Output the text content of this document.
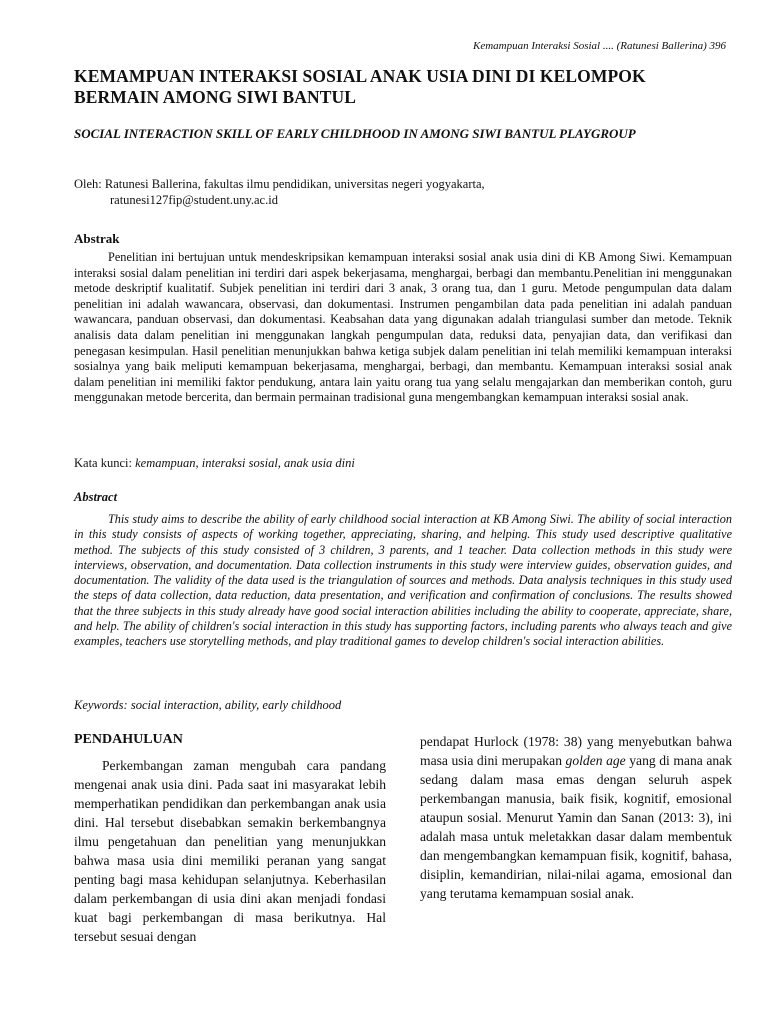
Kemampuan Interaksi Sosial .... (Ratunesi Ballerina) 396
KEMAMPUAN INTERAKSI SOSIAL ANAK USIA DINI DI KELOMPOK BERMAIN AMONG SIWI BANTUL
SOCIAL INTERACTION SKILL OF EARLY CHILDHOOD IN AMONG SIWI BANTUL PLAYGROUP
Oleh: Ratunesi Ballerina, fakultas ilmu pendidikan, universitas negeri yogyakarta,
ratunesi127fip@student.uny.ac.id
Abstrak

Penelitian ini bertujuan untuk mendeskripsikan kemampuan interaksi sosial anak usia dini di KB Among Siwi. Kemampuan interaksi sosial dalam penelitian ini terdiri dari aspek bekerjasama, menghargai, berbagi dan membantu.Penelitian ini menggunakan metode deskriptif kualitatif. Subjek penelitian ini terdiri dari 3 anak, 3 orang tua, dan 1 guru. Metode pengumpulan data dalam penelitian ini adalah wawancara, observasi, dan dokumentasi. Instrumen pengambilan data pada penelitian ini adalah panduan wawancara, panduan observasi, dan dokumentasi. Keabsahan data yang digunakan adalah triangulasi sumber dan metode. Teknik analisis data dalam penelitian ini menggunakan langkah pengumpulan data, reduksi data, penyajian data, dan verifikasi dan penegasan kesimpulan. Hasil penelitian menunjukkan bahwa ketiga subjek dalam penelitian ini telah memiliki kemampuan interaksi sosialnya yang baik meliputi kemampuan bekerjasama, menghargai, berbagi, dan membantu. Kemampuan interaksi sosial anak dalam penelitian ini memiliki faktor pendukung, antara lain yaitu orang tua yang selalu mengajarkan dan memberikan contoh, guru menggunakan metode bercerita, dan bermain permainan tradisional guna mengembangkan kemampuan interaksi sosial anak.

Kata kunci: kemampuan, interaksi sosial, anak usia dini
Abstract

This study aims to describe the ability of early childhood social interaction at KB Among Siwi. The ability of social interaction in this study consists of aspects of working together, appreciating, sharing, and helping. This study used descriptive qualitative method. The subjects of this study consisted of 3 children, 3 parents, and 1 teacher. Data collection methods in this study were interviews, observation, and documentation. Data collection instruments in this study were interview guides, observation guides, and documentation. The validity of the data used is the triangulation of sources and methods. Data analysis techniques in this study used the steps of data collection, data reduction, data presentation, and verification and confirmation of conclusions. The results showed that the three subjects in this study already have good social interaction abilities including the ability to cooperate, appreciate, share, and help. The ability of children's social interaction in this study has supporting factors, including parents who always teach and give examples, teachers use storytelling methods, and play traditional games to develop children's social interaction abilities.

Keywords: social interaction, ability, early childhood
PENDAHULUAN

Perkembangan zaman mengubah cara pandang mengenai anak usia dini. Pada saat ini masyarakat lebih memperhatikan pendidikan dan perkembangan anak usia dini. Hal tersebut disebabkan semakin berkembangnya ilmu pengetahuan dan penelitian yang menunjukkan bahwa masa usia dini memiliki peranan yang sangat penting bagi masa kehidupan selanjutnya. Keberhasilan dalam perkembangan di usia dini akan menjadi fondasi kuat bagi perkembangan di masa berikutnya. Hal tersebut sesuai dengan

pendapat Hurlock (1978: 38) yang menyebutkan bahwa masa usia dini merupakan golden age yang di mana anak sedang dalam masa emas dengan seluruh aspek perkembangan manusia, baik fisik, kognitif, emosional ataupun sosial. Menurut Yamin dan Sanan (2013: 3), ini adalah masa untuk meletakkan dasar dalam membentuk dan mengembangkan kemampuan fisik, kognitif, bahasa, disiplin, kemandirian, nilai-nilai agama, emosional dan yang terutama kemampuan sosial anak.
